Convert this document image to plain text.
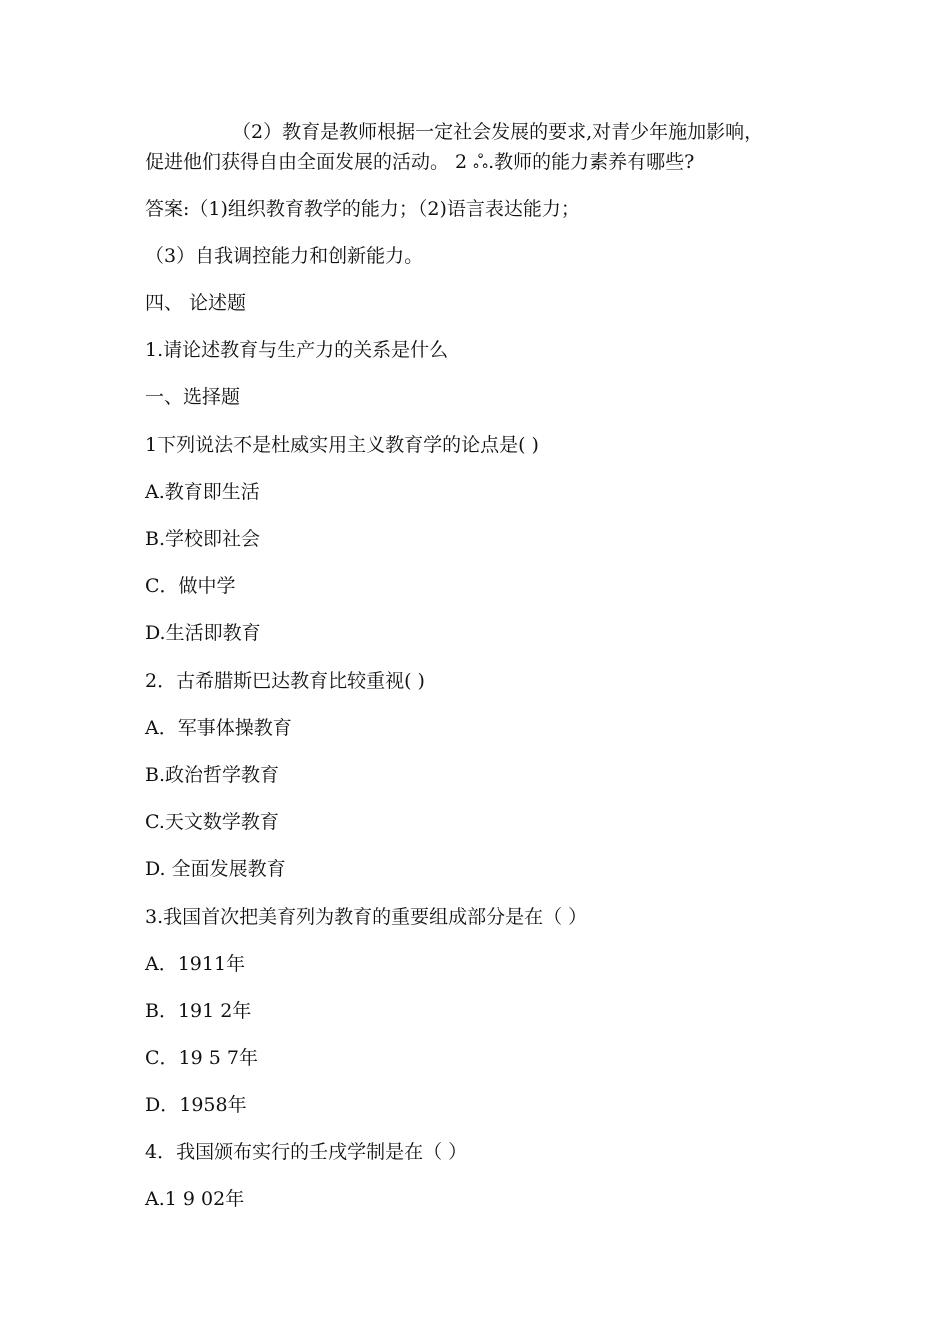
（2）教育是教师根据一定社会发展的要求,对青少年施加影响，

促进他们获得自由全面发展的活动。 2 ஃ.教师的能力素养有哪些?

答案:（1)组织教育教学的能力；（2)语言表达能力；

（3）自我调控能力和创新能力。

四、 论述题

1.请论述教育与生产力的关系是什么

一、选择题

1下列说法不是杜威实用主义教育学的论点是( )

A.教育即生活

B.学校即社会

C．做中学

D.生活即教育

2．古希腊斯巴达教育比较重视( )

A．军事体操教育

B.政治哲学教育

C.天文数学教育

D. 全面发展教育

3.我国首次把美育列为教育的重要组成部分是在（ ）

A．1911年

B．191 2年

C．19 5 7年

D．1958年

4．我国颁布实行的壬戌学制是在（ ）

A.1 9 02年
